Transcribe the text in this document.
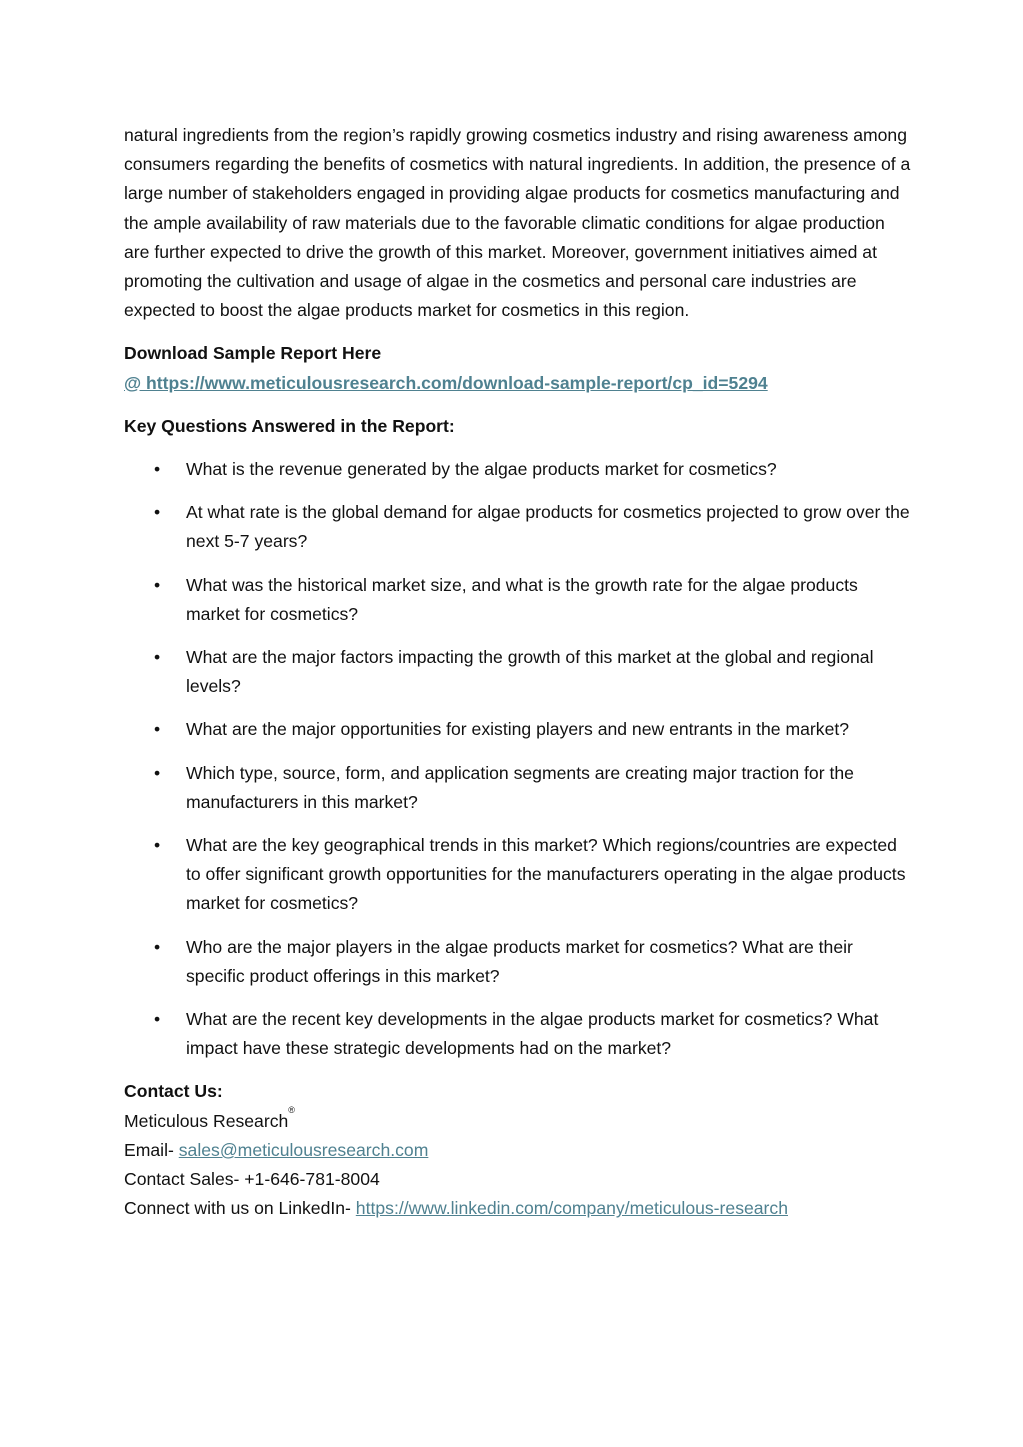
natural ingredients from the region’s rapidly growing cosmetics industry and rising awareness among consumers regarding the benefits of cosmetics with natural ingredients. In addition, the presence of a large number of stakeholders engaged in providing algae products for cosmetics manufacturing and the ample availability of raw materials due to the favorable climatic conditions for algae production are further expected to drive the growth of this market. Moreover, government initiatives aimed at promoting the cultivation and usage of algae in the cosmetics and personal care industries are expected to boost the algae products market for cosmetics in this region.

Download Sample Report Here

@ https://www.meticulousresearch.com/download-sample-report/cp_id=5294

Key Questions Answered in the Report:

• What is the revenue generated by the algae products market for cosmetics?
• At what rate is the global demand for algae products for cosmetics projected to grow over the next 5-7 years?
• What was the historical market size, and what is the growth rate for the algae products market for cosmetics?
• What are the major factors impacting the growth of this market at the global and regional levels?
• What are the major opportunities for existing players and new entrants in the market?
• Which type, source, form, and application segments are creating major traction for the manufacturers in this market?
• What are the key geographical trends in this market? Which regions/countries are expected to offer significant growth opportunities for the manufacturers operating in the algae products market for cosmetics?
• Who are the major players in the algae products market for cosmetics? What are their specific product offerings in this market?
• What are the recent key developments in the algae products market for cosmetics? What impact have these strategic developments had on the market?

Contact Us:

Meticulous Research®

Email- sales@meticulousresearch.com

Contact Sales- +1-646-781-8004

Connect with us on LinkedIn- https://www.linkedin.com/company/meticulous-research
